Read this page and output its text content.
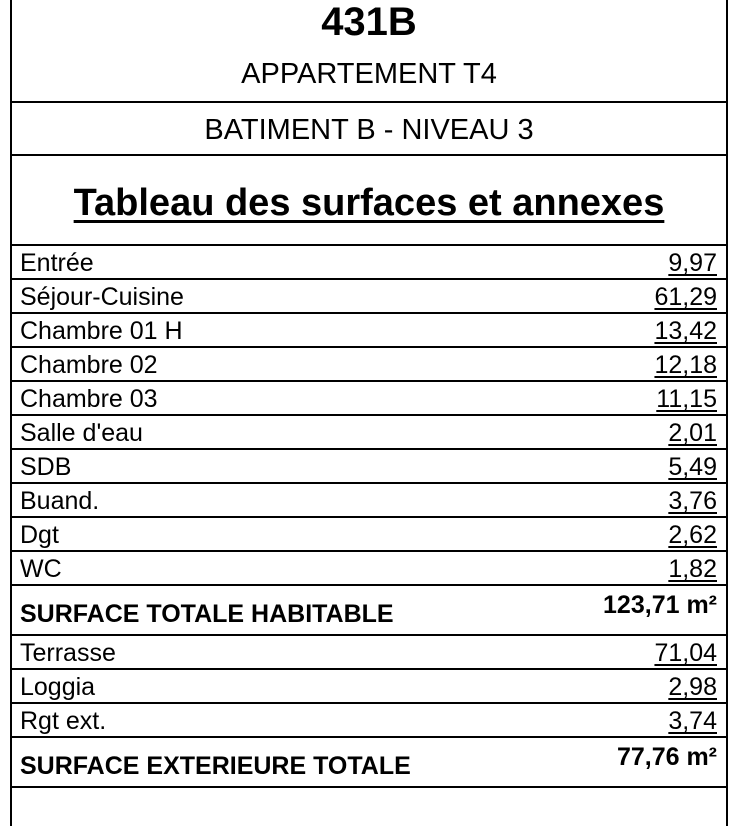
431B
APPARTEMENT T4
BATIMENT B - NIVEAU 3
Tableau des surfaces et annexes
Entrée	9,97
Séjour-Cuisine	61,29
Chambre 01 H	13,42
Chambre 02	12,18
Chambre 03	11,15
Salle d'eau	2,01
SDB	5,49
Buand.	3,76
Dgt	2,62
WC	1,82
SURFACE TOTALE HABITABLE	123,71 m²
Terrasse	71,04
Loggia	2,98
Rgt ext.	3,74
SURFACE EXTERIEURE TOTALE	77,76 m²
